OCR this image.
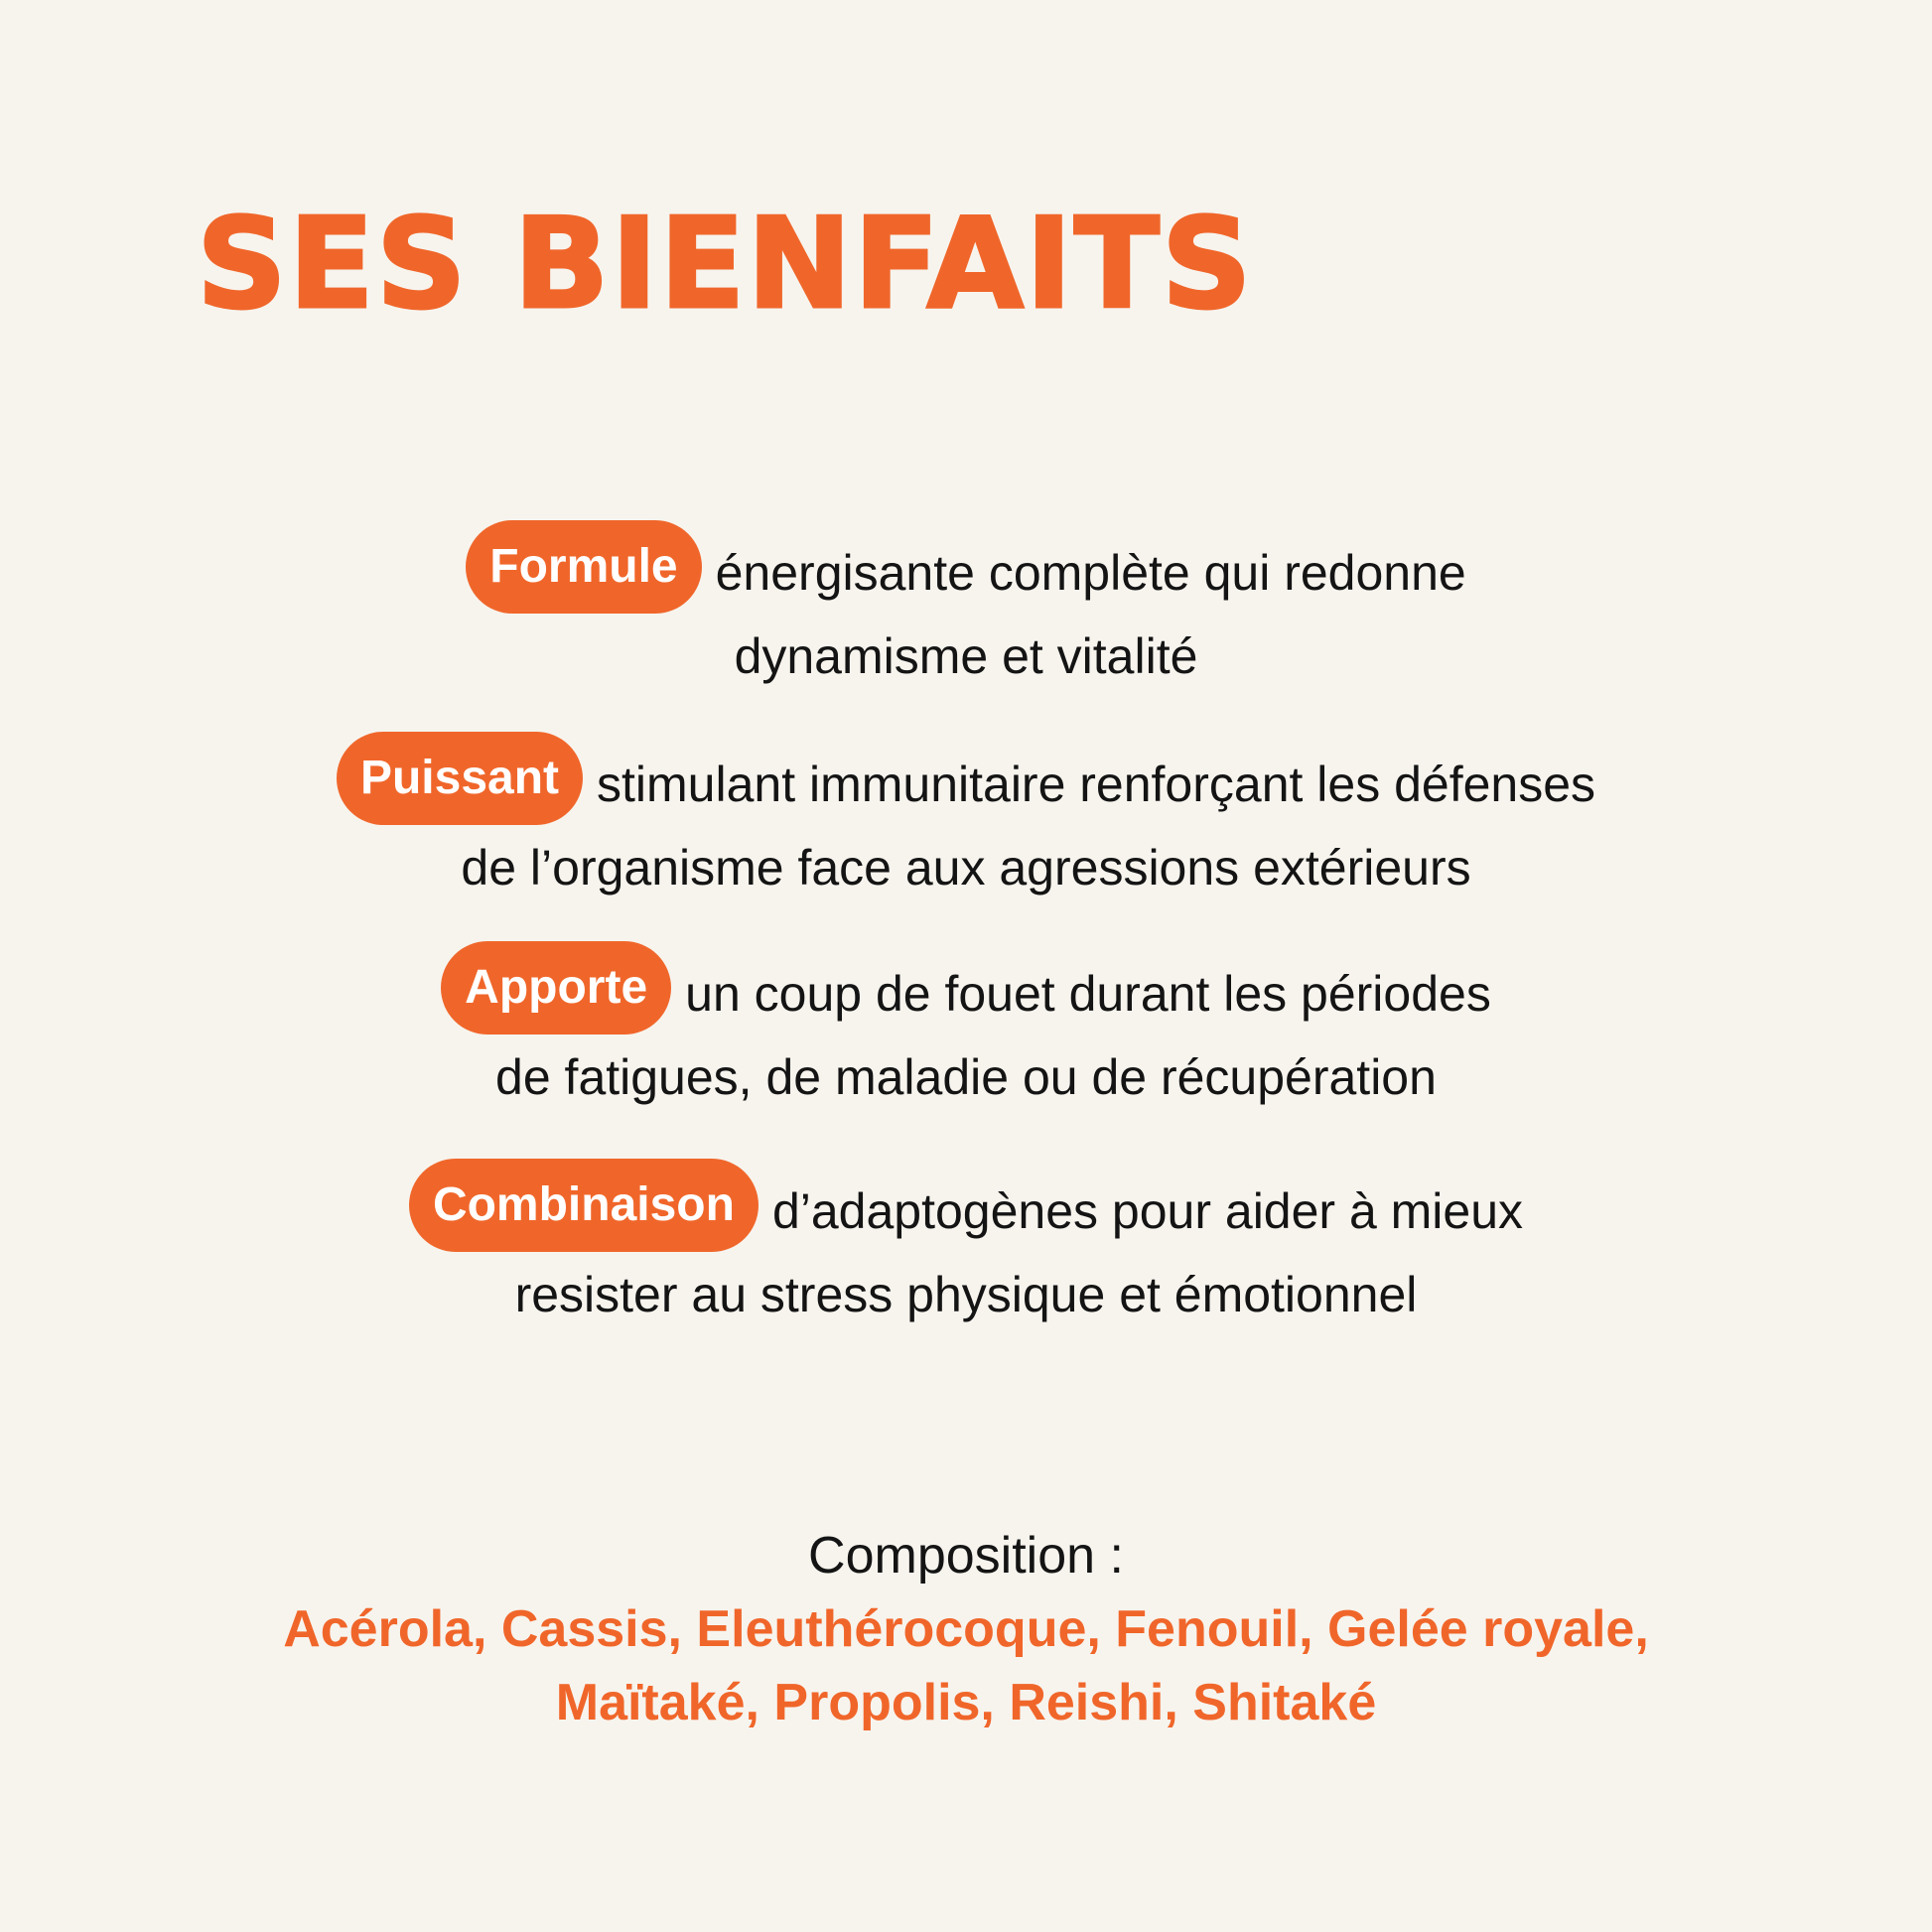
SES BIENFAITS
Formule énergisante complète qui redonne
dynamisme et vitalité
Puissant stimulant immunitaire renforçant les défenses
de l’organisme face aux agressions extérieurs
Apporte un coup de fouet durant les périodes
de fatigues, de maladie ou de récupération
Combinaison d’adaptogènes pour aider à mieux
resister au stress physique et émotionnel
Composition :
Acérola, Cassis, Eleuthérocoque, Fenouil, Gelée royale,
Maïtaké, Propolis, Reishi, Shitaké
